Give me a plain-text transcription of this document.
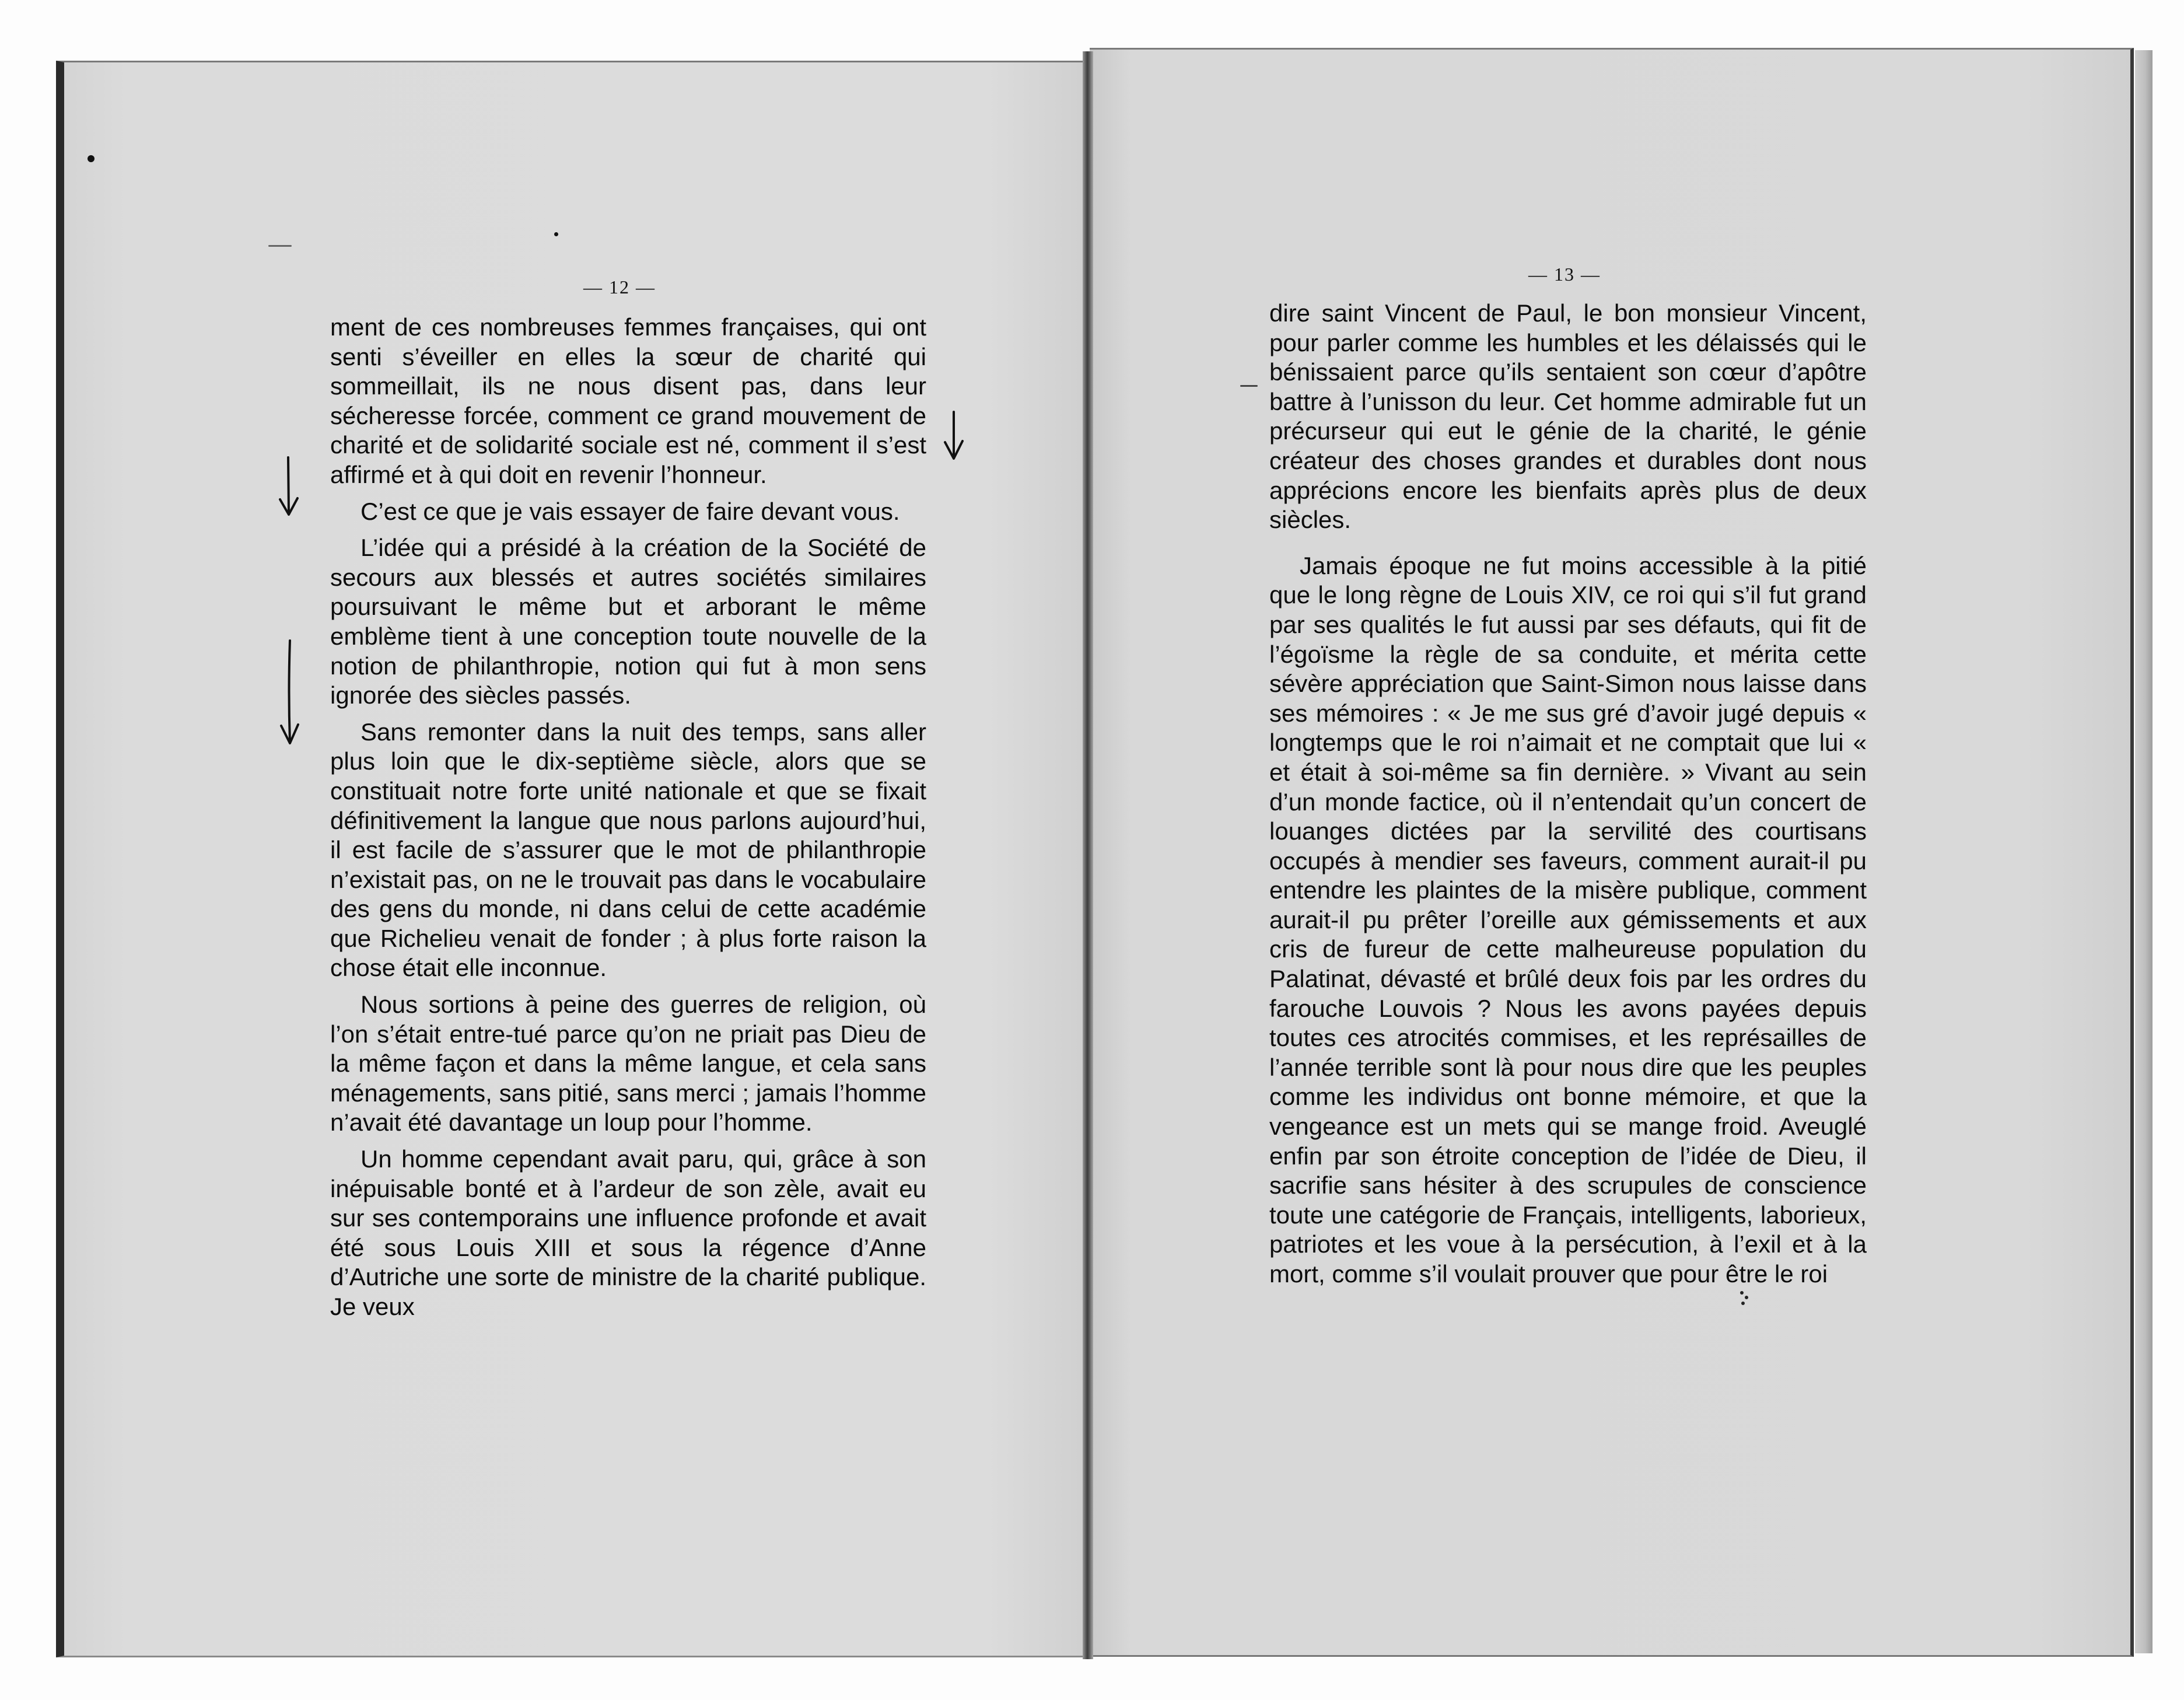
— 12 —

ment de ces nombreuses femmes françaises, qui ont senti s’éveiller en elles la sœur de charité qui sommeillait, ils ne nous disent pas, dans leur sécheresse forcée, comment ce grand mouvement de charité et de solidarité sociale est né, comment il s’est affirmé et à qui doit en revenir l’honneur.

C’est ce que je vais essayer de faire devant vous.

L’idée qui a présidé à la création de la Société de secours aux blessés et autres sociétés similaires poursuivant le même but et arborant le même emblème tient à une conception toute nouvelle de la notion de philanthropie, notion qui fut à mon sens ignorée des siècles passés.

Sans remonter dans la nuit des temps, sans aller plus loin que le dix-septième siècle, alors que se constituait notre forte unité nationale et que se fixait définitivement la langue que nous parlons aujourd’hui, il est facile de s’assurer que le mot de philanthropie n’existait pas, on ne le trouvait pas dans le vocabulaire des gens du monde, ni dans celui de cette académie que Richelieu venait de fonder ; à plus forte raison la chose était elle inconnue.

Nous sortions à peine des guerres de religion, où l’on s’était entre-tué parce qu’on ne priait pas Dieu de la même façon et dans la même langue, et cela sans ménagements, sans pitié, sans merci ; jamais l’homme n’avait été davantage un loup pour l’homme.

Un homme cependant avait paru, qui, grâce à son inépuisable bonté et à l’ardeur de son zèle, avait eu sur ses contemporains une influence profonde et avait été sous Louis XIII et sous la régence d’Anne d’Autriche une sorte de ministre de la charité publique. Je veux

— 13 —

dire saint Vincent de Paul, le bon monsieur Vincent, pour parler comme les humbles et les délaissés qui le bénissaient parce qu’ils sentaient son cœur d’apôtre battre à l’unisson du leur. Cet homme admirable fut un précurseur qui eut le génie de la charité, le génie créateur des choses grandes et durables dont nous apprécions encore les bienfaits après plus de deux siècles.

Jamais époque ne fut moins accessible à la pitié que le long règne de Louis XIV, ce roi qui s’il fut grand par ses qualités le fut aussi par ses défauts, qui fit de l’égoïsme la règle de sa conduite, et mérita cette sévère appréciation que Saint-Simon nous laisse dans ses mémoires : « Je me sus gré d’avoir jugé depuis « longtemps que le roi n’aimait et ne comptait que lui « et était à soi-même sa fin dernière. » Vivant au sein d’un monde factice, où il n’entendait qu’un concert de louanges dictées par la servilité des courtisans occupés à mendier ses faveurs, comment aurait-il pu entendre les plaintes de la misère publique, comment aurait-il pu prêter l’oreille aux gémissements et aux cris de fureur de cette malheureuse population du Palatinat, dévasté et brûlé deux fois par les ordres du farouche Louvois ? Nous les avons payées depuis toutes ces atrocités commises, et les représailles de l’année terrible sont là pour nous dire que les peuples comme les individus ont bonne mémoire, et que la vengeance est un mets qui se mange froid. Aveuglé enfin par son étroite conception de l’idée de Dieu, il sacrifie sans hésiter à des scrupules de conscience toute une catégorie de Français, intelligents, laborieux, patriotes et les voue à la persécution, à l’exil et à la mort, comme s’il voulait prouver que pour être le roi
